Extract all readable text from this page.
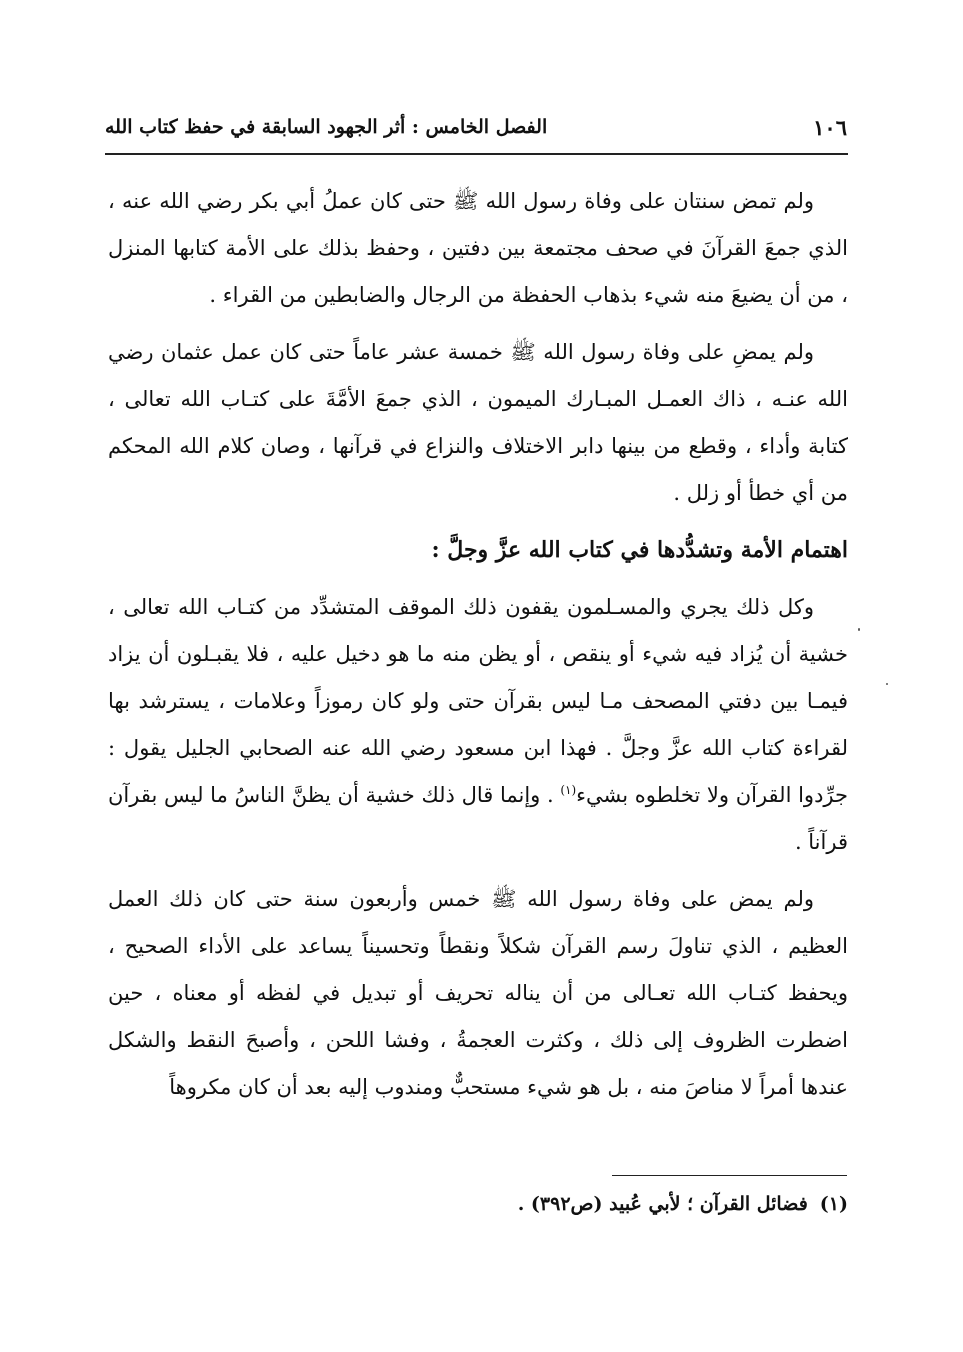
١٠٦
الفصل الخامس : أثر الجهود السابقة في حفظ كتاب الله

ولم تمض سنتان على وفاة رسول الله ﷺ حتى كان عملُ أبي بكر رضي الله عنه ، الذي جمعَ القرآنَ في صحف مجتمعة بين دفتين ، وحفظ بذلك على الأمة كتابها المنزل ، من أن يضيعَ منه شيء بذهاب الحفظة من الرجال والضابطين من القراء .

ولم يمضِ على وفاة رسول الله ﷺ خمسة عشر عاماً حتى كان عمل عثمان رضي الله عنـه ، ذاك العمـل المبـارك الميمون ، الذي جمعَ الأمَّةَ على كتـاب الله تعالى ، كتابة وأداء ، وقطع من بينها دابر الاختلاف والنزاع في قرآنها ، وصان كلام الله المحكم من أي خطأ أو زلل .

اهتمام الأمة وتشدُّدها في كتاب الله عزَّ وجلَّ :

وكل ذلك يجري والمسـلمون يقفون ذلك الموقف المتشدِّد من كتـاب الله تعالى ، خشية أن يُزاد فيه شيء أو ينقص ، أو يظن منه ما هو دخيل عليه ، فلا يقبـلون أن يزاد فيمـا بين دفتي المصحف مـا ليس بقرآن حتى ولو كان رموزاً وعلامات ، يسترشد بها لقراءة كتاب الله عزَّ وجلَّ . فهذا ابن مسعود رضي الله عنه الصحابي الجليل يقول : جرِّدوا القرآن ولا تخلطوه بشيء$^{(١)}$ . وإنما قال ذلك خشية أن يظنَّ الناسُ ما ليس بقرآن قرآناً .

ولم يمض على وفاة رسول الله ﷺ خمس وأربعون سنة حتى كان ذلك العمل العظيم ، الذي تناولَ رسم القرآن شكلاً ونقطاً وتحسيناً يساعد على الأداء الصحيح ، ويحفظ كتـاب الله تعـالى من أن يناله تحريف أو تبديل في لفظه أو معناه ، حين اضطرت الظروف إلى ذلك ، وكثرت العجمةُ ، وفشا اللحن ، وأصبحَ النقط والشكل عندها أمراً لا مناصَ منه ، بل هو شيء مستحبٌّ ومندوب إليه بعد أن كان مكروهاً

(١)فضائل القرآن ؛ لأبي عُبيد (ص٣٩٢) .
